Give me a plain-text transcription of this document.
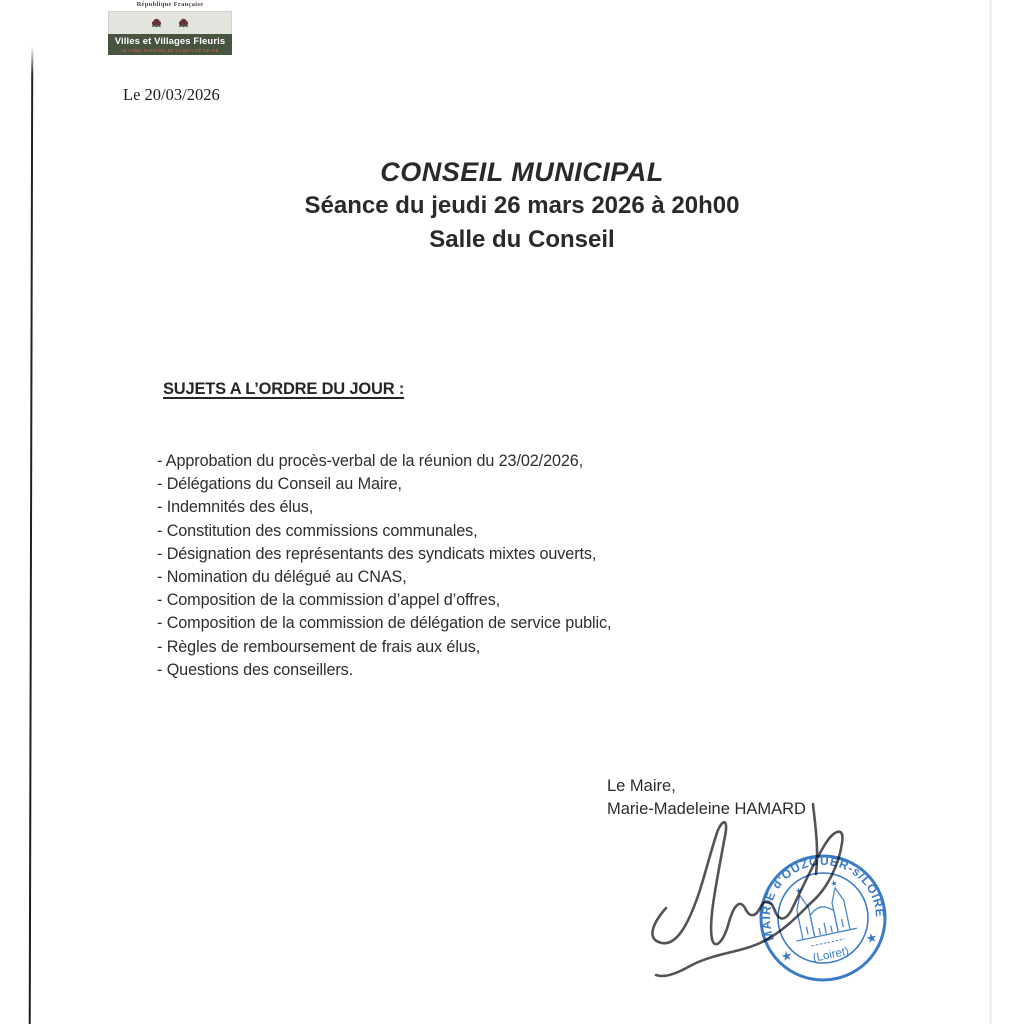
République Française
Villes et Villages Fleuris
LE LABEL NATIONAL DE LA QUALITÉ DE VIE
Le 20/03/2026

CONSEIL MUNICIPAL

Séance du jeudi 26 mars 2026 à 20h00

Salle du Conseil

SUJETS A L’ORDRE DU JOUR :
- Approbation du procès-verbal de la réunion du 23/02/2026,
- Délégations du Conseil au Maire,
- Indemnités des élus,
- Constitution des commissions communales,
- Désignation des représentants des syndicats mixtes ouverts,
- Nomination du délégué au CNAS,
- Composition de la commission d’appel d’offres,
- Composition de la commission de délégation de service public,
- Règles de remboursement de frais aux élus,
- Questions des conseillers.
Le Maire,
Marie-Madeleine HAMARD
★
★
MAIRIE d'OUZOUER-s/LOIRE
★
★
(Loiret)
